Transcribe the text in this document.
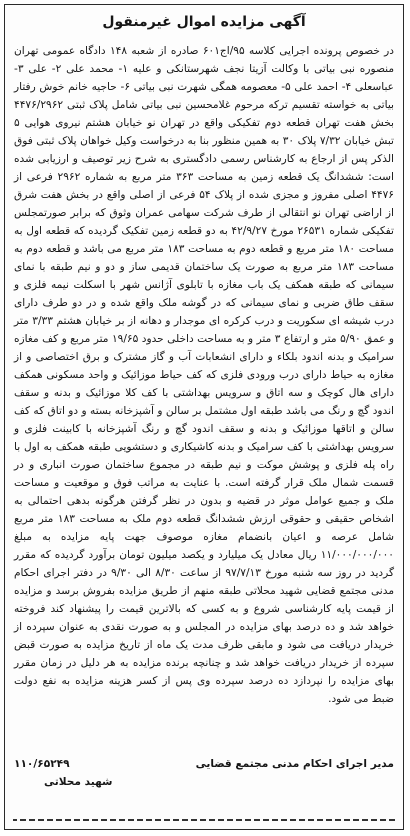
آگهی مزایده اموال غیرمنقول

در خصوص پرونده اجرایی کلاسه ۹۵/اج۶۰۱ صادره از شعبه ۱۴۸ دادگاه عمومی تهران منصوره نبی بیاتی با وکالت آزیتا نجف شهرستانکی و علیه ۱- محمد علی ۲- علی ۳- عباسعلی ۴- احمد علی ۵- معصومه همگی شهرت نبی بیاتی ۶- حاجیه خانم خوش رفتار بیاتی به خواسته تقسیم ترکه مرحوم غلامحسین نبی بیاتی شامل پلاک ثبتی ۴۴۷۶/۲۹۶۲ بخش هفت تهران قطعه دوم تفکیکی واقع در تهران نو خیابان هشتم نیروی هوایی ۵ تبش خیابان ۷/۳۲ پلاک ۳۰ به همین منظور بنا به درخواست وکیل خواهان پلاک ثبتی فوق الذکر پس از ارجاع به کارشناس رسمی دادگستری به شرح زیر توصیف و ارزیابی شده است: ششدانگ یک قطعه زمین به مساحت ۳۶۳ متر مربع به شماره ۲۹۶۲ فرعی از ۴۴۷۶ اصلی مفروز و مجزی شده از پلاک ۵۴ فرعی از اصلی واقع در بخش هفت شرق از اراضی تهران نو انتقالی از طرف شرکت سهامی عمران وثوق که برابر صورتمجلس تفکیکی شماره ۲۶۵۳۱ مورخ ۴۲/۹/۲۷ به دو قطعه زمین تفکیک گردیده که قطعه اول به مساحت ۱۸۰ متر مربع و قطعه دوم به مساحت ۱۸۳ متر مربع می باشد و قطعه دوم به مساحت ۱۸۳ متر مربع به صورت یک ساختمان قدیمی ساز و دو و نیم طبقه با نمای سیمانی که طبقه همکف یک باب مغازه با تابلوی آژانس شهر با اسکلت نیمه فلزی و سقف طاق ضربی و نمای سیمانی که در گوشه ملک واقع شده و در دو طرف دارای درب شیشه ای سکوریت و درب کرکره ای موجدار و دهانه از بر خیابان هشتم ۳/۳۳ متر و عمق ۵/۹۰ متر و ارتفاع ۳ متر و به مساحت داخلی حدود ۱۹/۶۵ متر مربع و کف مغازه سرامیک و بدنه اندود بلکاء و دارای انشعابات آب و گاز مشترک و برق اختصاصی و از مغازه به حیاط دارای درب ورودی فلزی که کف حیاط موزائیک و واحد مسکونی همکف دارای هال کوچک و سه اتاق و سرویس بهداشتی با کف کلا موزائیک و بدنه و سقف اندود گچ و رنگ می باشد طبقه اول مشتمل بر سالن و آشپزخانه بسته و دو اتاق که کف سالن و اتاقها موزائیک و بدنه و سقف اندود گچ و رنگ آشپزخانه با کابینت فلزی و سرویس بهداشتی با کف سرامیک و بدنه کاشیکاری و دستشویی طبقه همکف به اول با راه پله فلزی و پوشش موکت و نیم طبقه در مجموع ساختمان صورت انباری و در قسمت شمال ملک قرار گرفته است. با عنایت به مراتب فوق و موقعیت و مساحت ملک و جمیع عوامل موثر در قضیه و بدون در نظر گرفتن هرگونه بدهی احتمالی به اشخاص حقیقی و حقوقی ارزش ششدانگ قطعه دوم ملک به مساحت ۱۸۳ متر مربع شامل عرصه و اعیان بانضمام مغازه موصوف جهت پایه مزایده به مبلغ ۱۱/۰۰۰/۰۰۰/۰۰۰ ریال معادل یک میلیارد و یکصد میلیون تومان برآورد گردیده که مقرر گردید در روز سه شنبه مورخ ۹۷/۷/۱۳ از ساعت ۸/۳۰ الی ۹/۳۰ در دفتر اجرای احکام مدنی مجتمع قضایی شهید محلاتی طبقه منهم از طریق مزایده بفروش برسد و مزایده از قیمت پایه کارشناسی شروع و به کسی که بالاترین قیمت را پیشنهاد کند فروخته خواهد شد و ده درصد بهای مزایده در المجلس و به صورت نقدی به عنوان سپرده از خریدار دریافت می شود و مابقی ظرف مدت یک ماه از تاریخ مزایده به صورت قبض سپرده از خریدار دریافت خواهد شد و چنانچه برنده مزایده به هر دلیل در زمان مقرر بهای مزایده را نپردازد ده درصد سپرده وی پس از کسر هزینه مزایده به نفع دولت ضبط می شود.

مدیر اجرای احکام مدنی مجتمع قضایی
۱۱۰/۶۵۲۴۹
شهید محلاتی
